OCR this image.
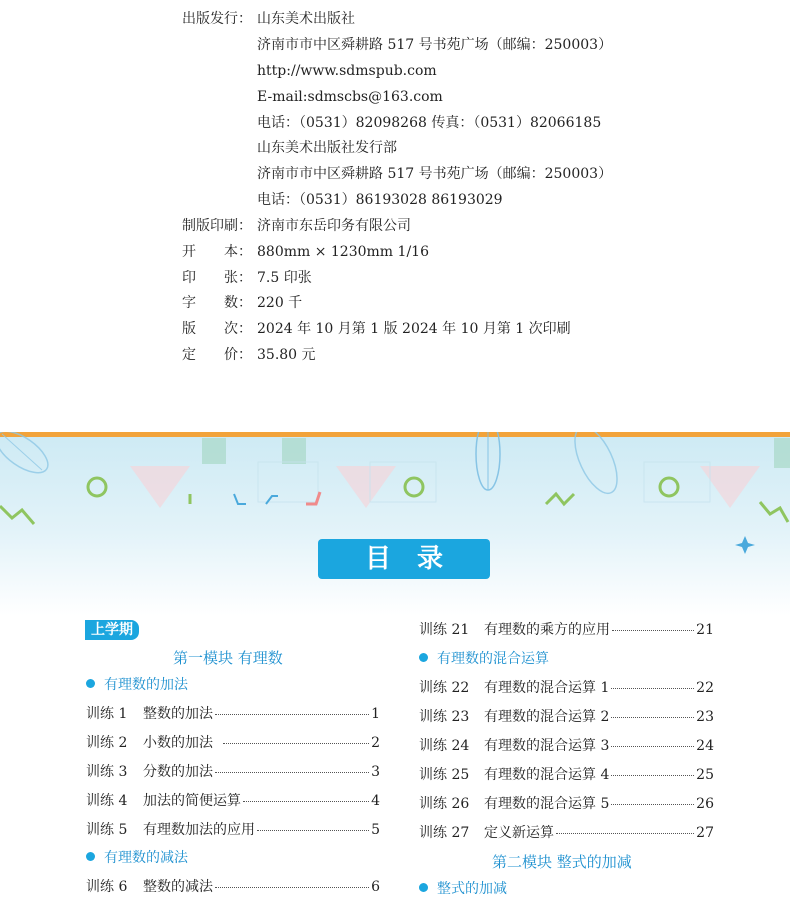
出版发行： 山东美术出版社
济南市市中区舜耕路 517 号书苑广场（邮编：250003）
http://www.sdmspub.com
E-mail:sdmscbs@163.com
电话：（0531）82098268 传真：（0531）82066185
山东美术出版社发行部
济南市市中区舜耕路 517 号书苑广场（邮编：250003）
电话：（0531）86193028 86193029
制版印刷： 济南市东岳印务有限公司
开　　本： 880mm × 1230mm 1/16
印　　张： 7.5 印张
字　　数： 220 千
版　　次： 2024 年 10 月第 1 版 2024 年 10 月第 1 次印刷
定　　价： 35.80 元
目录
上学期
第一模块 有理数
有理数的加法
训练 1	整数的加法	1
训练 2	小数的加法	2
训练 3	分数的加法	3
训练 4	加法的简便运算	4
训练 5	有理数加法的应用	5
有理数的减法
训练 6	整数的减法	6
训练 21	有理数的乘方的应用	21
有理数的混合运算
训练 22	有理数的混合运算 1	22
训练 23	有理数的混合运算 2	23
训练 24	有理数的混合运算 3	24
训练 25	有理数的混合运算 4	25
训练 26	有理数的混合运算 5	26
训练 27	定义新运算	27
第二模块 整式的加减
整式的加减
